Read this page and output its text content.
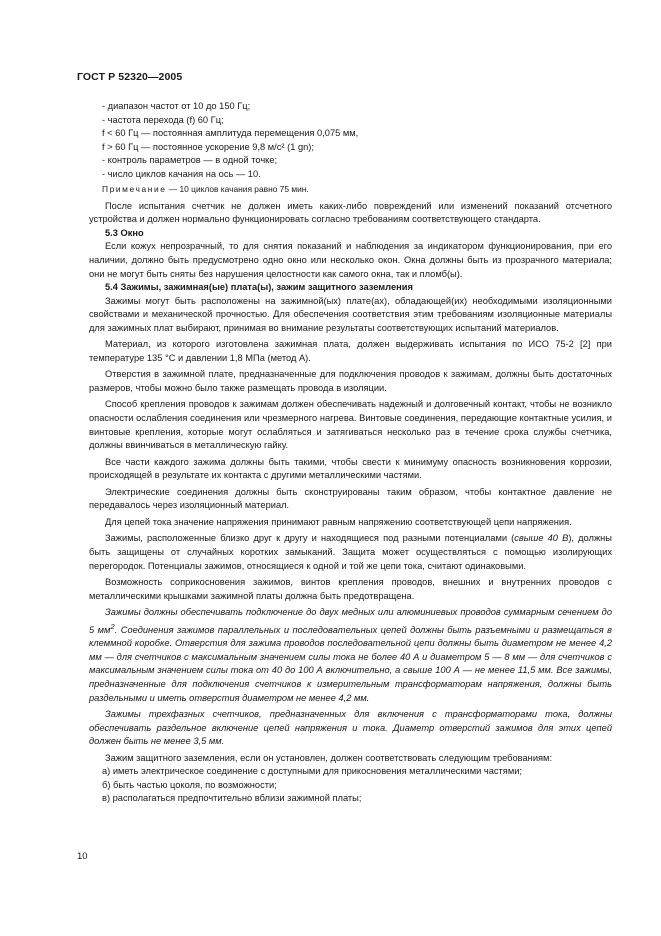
ГОСТ Р 52320—2005

- диапазон частот от 10 до 150 Гц;

- частота перехода (f) 60 Гц;

f < 60 Гц — постоянная амплитуда перемещения 0,075 мм,

f > 60 Гц — постоянное ускорение 9,8 м/с² (1 gn);

- контроль параметров — в одной точке;

- число циклов качания на ось — 10.

Примечание — 10 циклов качания равно 75 мин.

После испытания счетчик не должен иметь каких-либо повреждений или изменений показаний отсчетного устройства и должен нормально функционировать согласно требованиям соответствующего стандарта.

5.3 Окно

Если кожух непрозрачный, то для снятия показаний и наблюдения за индикатором функционирования, при его наличии, должно быть предусмотрено одно окно или несколько окон. Окна должны быть из прозрачного материала; они не могут быть сняты без нарушения целостности как самого окна, так и пломб(ы).

5.4 Зажимы, зажимная(ые) плата(ы), зажим защитного заземления

Зажимы могут быть расположены на зажимной(ых) плате(ах), обладающей(их) необходимыми изоляционными свойствами и механической прочностью. Для обеспечения соответствия этим требованиям изоляционные материалы для зажимных плат выбирают, принимая во внимание результаты соответствующих испытаний материалов.

Материал, из которого изготовлена зажимная плата, должен выдерживать испытания по ИСО 75-2 [2] при температуре 135 °С и давлении 1,8 МПа (метод А).

Отверстия в зажимной плате, предназначенные для подключения проводов к зажимам, должны быть достаточных размеров, чтобы можно было также размещать провода в изоляции.

Способ крепления проводов к зажимам должен обеспечивать надежный и долговечный контакт, чтобы не возникло опасности ослабления соединения или чрезмерного нагрева. Винтовые соединения, передающие контактные усилия, и винтовые крепления, которые могут ослабляться и затягиваться несколько раз в течение срока службы счетчика, должны ввинчиваться в металлическую гайку.

Все части каждого зажима должны быть такими, чтобы свести к минимуму опасность возникновения коррозии, происходящей в результате их контакта с другими металлическими частями.

Электрические соединения должны быть сконструированы таким образом, чтобы контактное давление не передавалось через изоляционный материал.

Для цепей тока значение напряжения принимают равным напряжению соответствующей цепи напряжения.

Зажимы, расположенные близко друг к другу и находящиеся под разными потенциалами (свыше 40 В), должны быть защищены от случайных коротких замыканий. Защита может осуществляться с помощью изолирующих перегородок. Потенциалы зажимов, относящиеся к одной и той же цепи тока, считают одинаковыми.

Возможность соприкосновения зажимов, винтов крепления проводов, внешних и внутренних проводов с металлическими крышками зажимной платы должна быть предотвращена.

Зажимы должны обеспечивать подключение до двух медных или алюминиевых проводов суммарным сечением до 5 $мм^2$. Соединения зажимов параллельных и последовательных цепей должны быть разъемными и размещаться в клеммной коробке. Отверстия для зажима проводов последовательной цепи должны быть диаметром не менее 4,2 мм — для счетчиков с максимальным значением силы тока не более 40 А и диаметром 5 — 8 мм — для счетчиков с максимальным значением силы тока от 40 до 100 А включительно, а свыше 100 А — не менее 11,5 мм. Все зажимы, предназначенные для подключения счетчиков к измерительным трансформаторам напряжения, должны быть раздельными и иметь отверстия диаметром не менее 4,2 мм.

Зажимы трехфазных счетчиков, предназначенных для включения с трансформаторами тока, должны обеспечивать раздельное включение цепей напряжения и тока. Диаметр отверстий зажимов для этих цепей должен быть не менее 3,5 мм.

Зажим защитного заземления, если он установлен, должен соответствовать следующим требованиям:

а) иметь электрическое соединение с доступными для прикосновения металлическими частями;

б) быть частью цоколя, по возможности;

в) располагаться предпочтительно вблизи зажимной платы;

10
